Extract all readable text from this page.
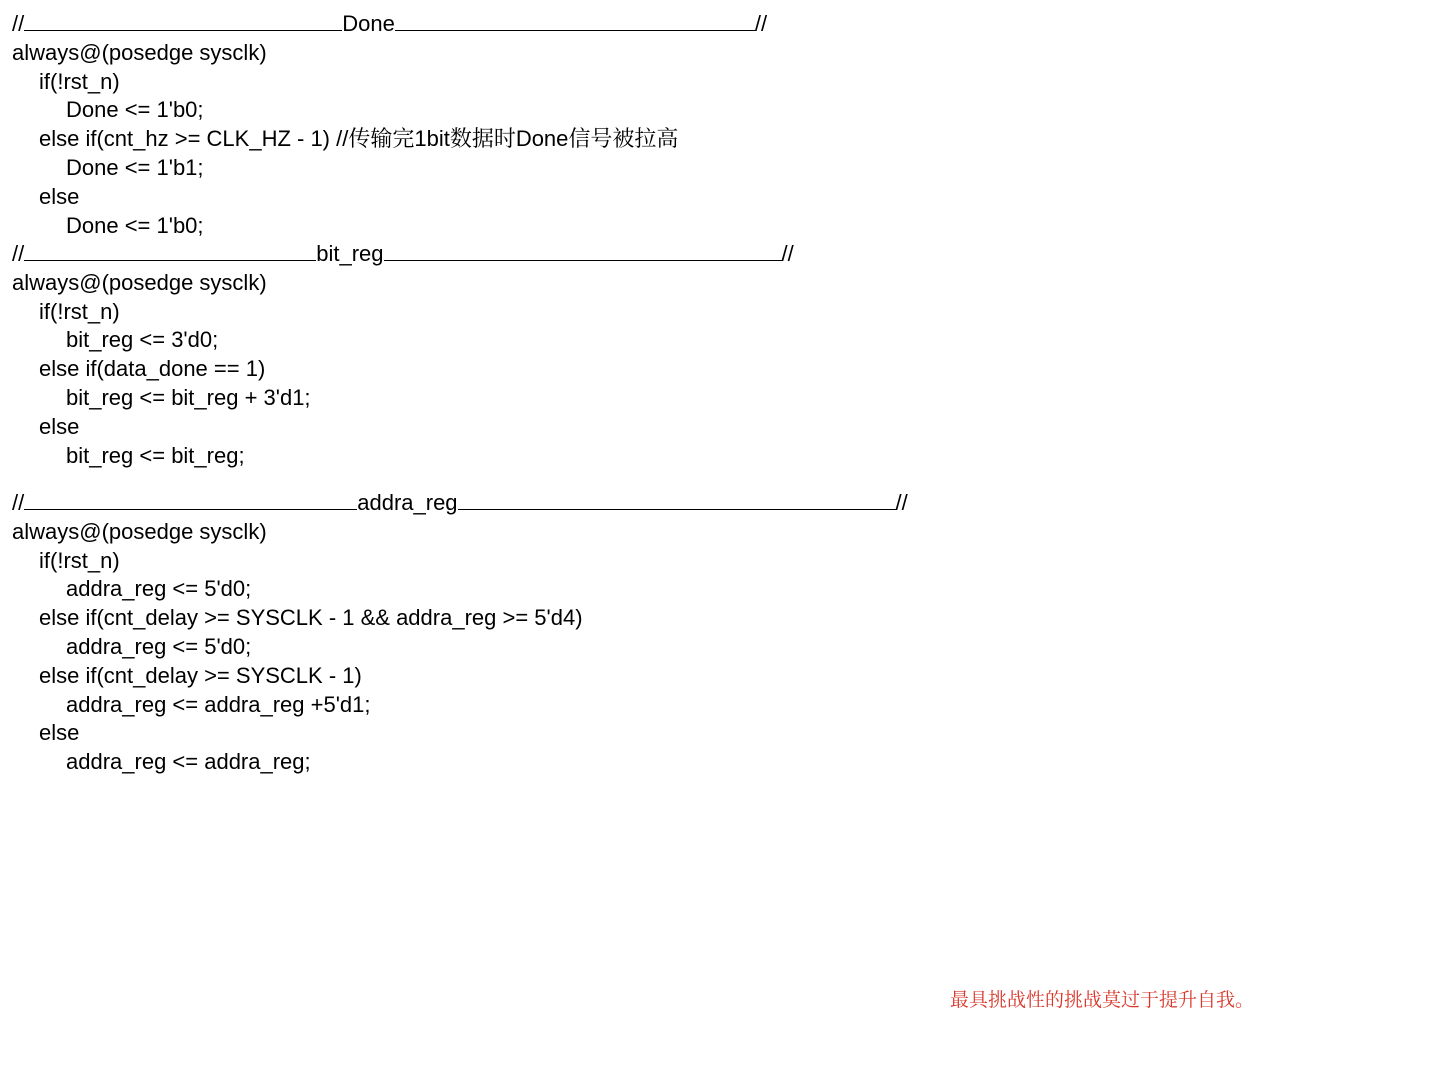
//	Done	//
always@(posedge sysclk)
if(!rst_n)
Done <= 1'b0;
else if(cnt_hz >= CLK_HZ - 1) //传输完1bit数据时Done信号被拉高
Done <= 1'b1;
else
Done <= 1'b0;
//	bit_reg	//
always@(posedge sysclk)
if(!rst_n)
bit_reg <= 3'd0;
else if(data_done == 1)
bit_reg <= bit_reg + 3'd1;
else
bit_reg <= bit_reg;
//	addra_reg	//
always@(posedge sysclk)
if(!rst_n)
addra_reg <= 5'd0;
else if(cnt_delay >= SYSCLK - 1 && addra_reg >= 5'd4)
addra_reg <= 5'd0;
else if(cnt_delay >= SYSCLK - 1)
addra_reg <= addra_reg +5'd1;
else
addra_reg <= addra_reg;
最具挑战性的挑战莫过于提升自我。
